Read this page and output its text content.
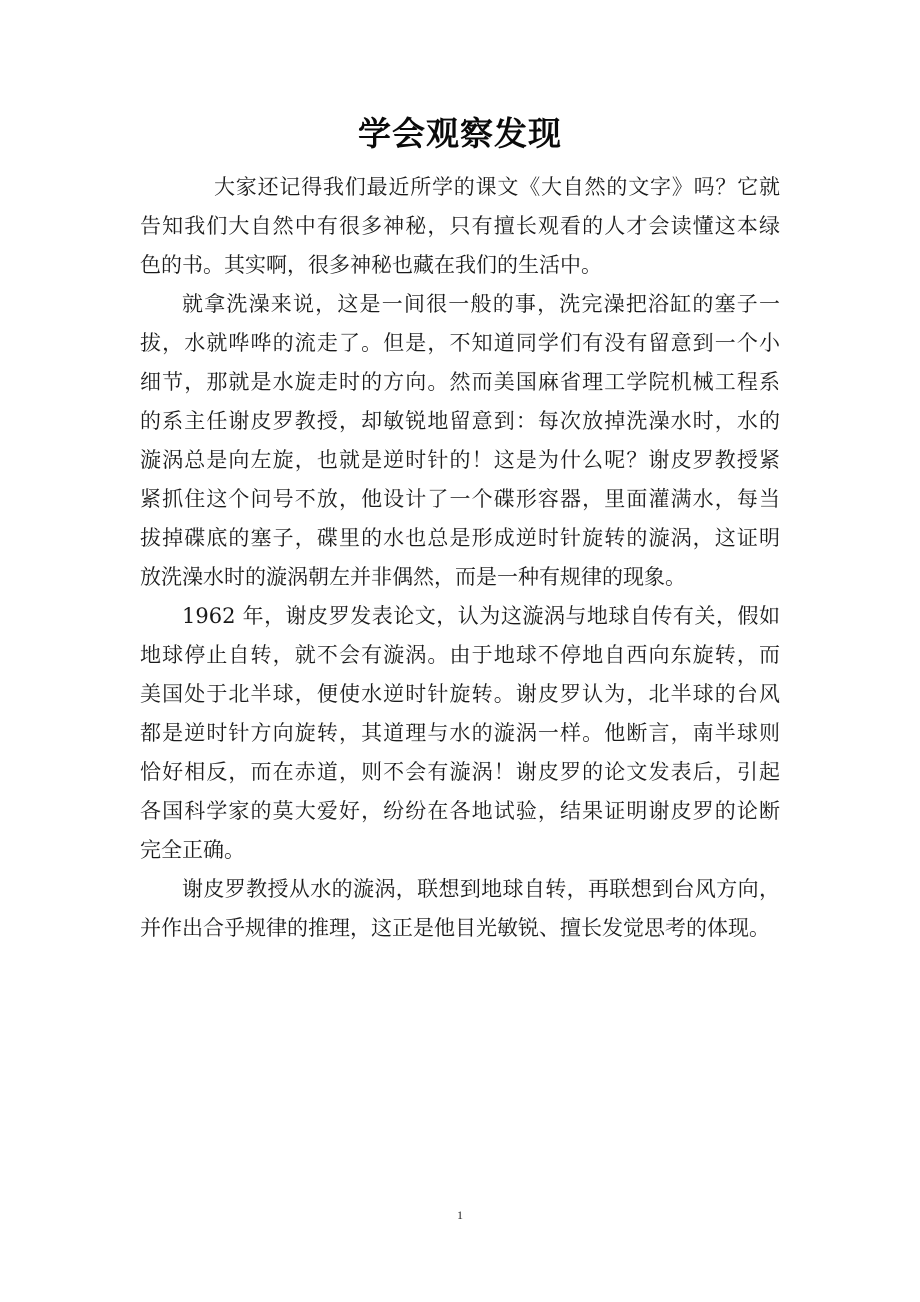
学会观察发现
大家还记得我们最近所学的课文《大自然的文字》吗？它就
告知我们大自然中有很多神秘，只有擅长观看的人才会读懂这本绿
色的书。其实啊，很多神秘也藏在我们的生活中。
就拿洗澡来说，这是一间很一般的事，洗完澡把浴缸的塞子一
拔，水就哗哗的流走了。但是，不知道同学们有没有留意到一个小
细节，那就是水旋走时的方向。然而美国麻省理工学院机械工程系
的系主任谢皮罗教授，却敏锐地留意到：每次放掉洗澡水时，水的
漩涡总是向左旋，也就是逆时针的！这是为什么呢？谢皮罗教授紧
紧抓住这个问号不放，他设计了一个碟形容器，里面灌满水，每当
拔掉碟底的塞子，碟里的水也总是形成逆时针旋转的漩涡，这证明
放洗澡水时的漩涡朝左并非偶然，而是一种有规律的现象。
1962 年，谢皮罗发表论文，认为这漩涡与地球自传有关，假如
地球停止自转，就不会有漩涡。由于地球不停地自西向东旋转，而
美国处于北半球，便使水逆时针旋转。谢皮罗认为，北半球的台风
都是逆时针方向旋转，其道理与水的漩涡一样。他断言，南半球则
恰好相反，而在赤道，则不会有漩涡！谢皮罗的论文发表后，引起
各国科学家的莫大爱好，纷纷在各地试验，结果证明谢皮罗的论断
完全正确。
谢皮罗教授从水的漩涡，联想到地球自转，再联想到台风方向，
并作出合乎规律的推理，这正是他目光敏锐、擅长发觉思考的体现。
1
